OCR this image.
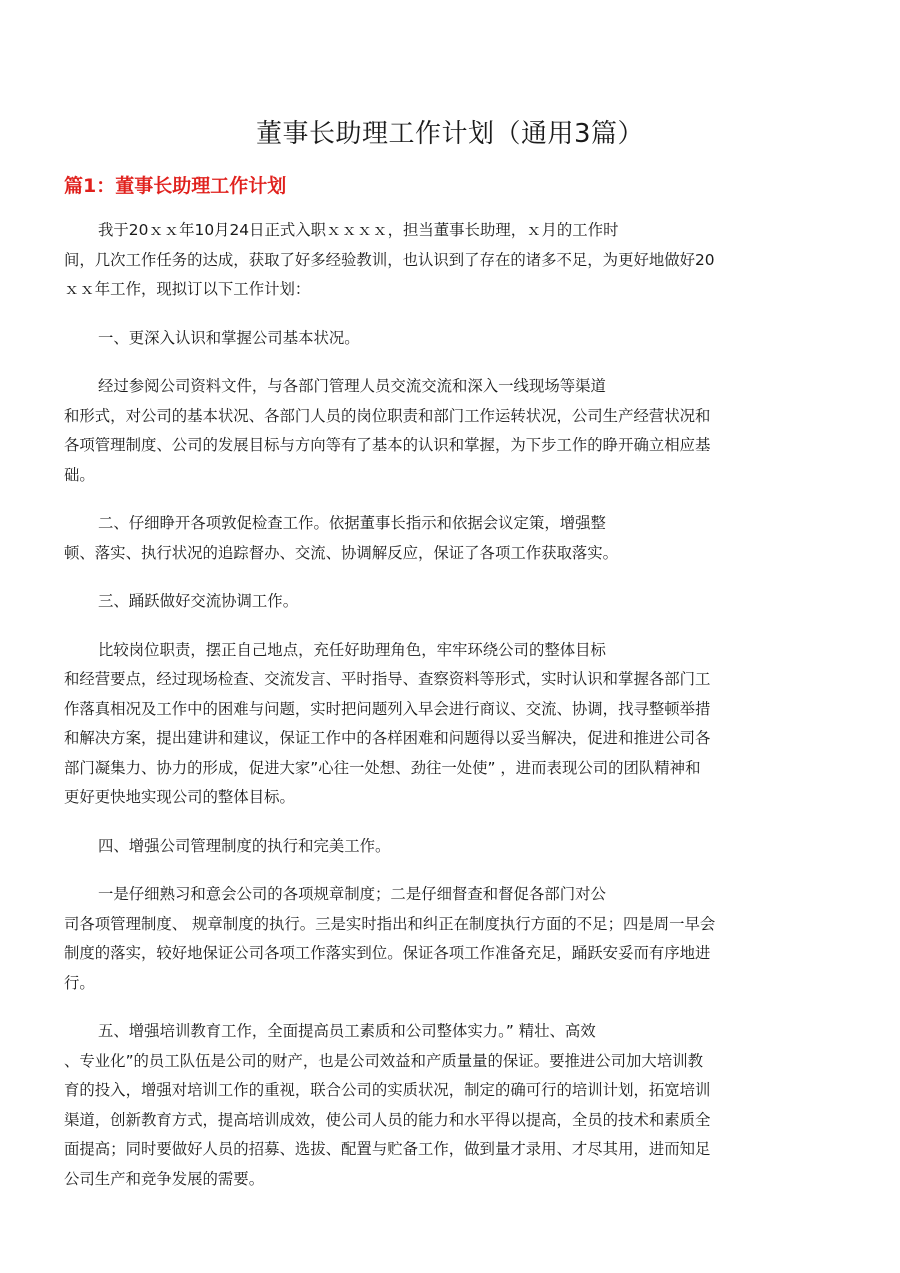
董事长助理工作计划（通用3篇）
篇1：董事长助理工作计划

我于20ｘｘ年10月24日正式入职ｘｘｘｘ，担当董事长助理，ｘ月的工作时
间，几次工作任务的达成，获取了好多经验教训，也认识到了存在的诸多不足，为更好地做好20
ｘｘ年工作，现拟订以下工作计划：

一、更深入认识和掌握公司基本状况。

经过参阅公司资料文件，与各部门管理人员交流交流和深入一线现场等渠道
和形式，对公司的基本状况、各部门人员的岗位职责和部门工作运转状况，公司生产经营状况和
各项管理制度、公司的发展目标与方向等有了基本的认识和掌握，为下步工作的睁开确立相应基
础。

二、仔细睁开各项敦促检查工作。依据董事长指示和依据会议定策，增强整
顿、落实、执行状况的追踪督办、交流、协调解反应，保证了各项工作获取落实。

三、踊跃做好交流协调工作。

比较岗位职责，摆正自己地点，充任好助理角色，牢牢环绕公司的整体目标
和经营要点，经过现场检查、交流发言、平时指导、查察资料等形式，实时认识和掌握各部门工
作落真相况及工作中的困难与问题，实时把问题列入早会进行商议、交流、协调，找寻整顿举措
和解决方案，提出建讲和建议，保证工作中的各样困难和问题得以妥当解决，促进和推进公司各
部门凝集力、协力的形成，促进大家”心往一处想、劲往一处使” ，进而表现公司的团队精神和
更好更快地实现公司的整体目标。

四、增强公司管理制度的执行和完美工作。

一是仔细熟习和意会公司的各项规章制度；二是仔细督查和督促各部门对公
司各项管理制度、 规章制度的执行。三是实时指出和纠正在制度执行方面的不足；四是周一早会
制度的落实，较好地保证公司各项工作落实到位。保证各项工作准备充足，踊跃安妥而有序地进
行。

五、增强培训教育工作，全面提高员工素质和公司整体实力。” 精壮、高效
、专业化”的员工队伍是公司的财产，也是公司效益和产质量量的保证。要推进公司加大培训教
育的投入，增强对培训工作的重视，联合公司的实质状况，制定的确可行的培训计划，拓宽培训
渠道，创新教育方式，提高培训成效，使公司人员的能力和水平得以提高，全员的技术和素质全
面提高；同时要做好人员的招募、选拔、配置与贮备工作，做到量才录用、才尽其用，进而知足
公司生产和竞争发展的需要。
